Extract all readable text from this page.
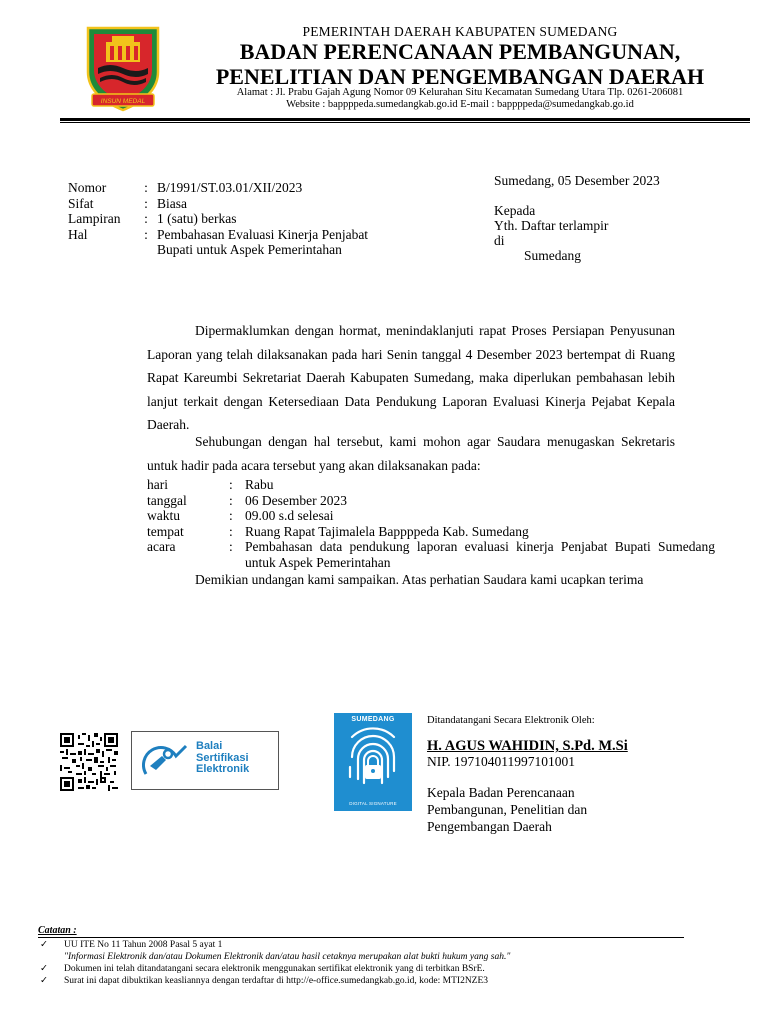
INSUN MEDAL
PEMERINTAH DAERAH KABUPATEN SUMEDANG
BADAN PERENCANAAN PEMBANGUNAN,
PENELITIAN DAN PENGEMBANGAN DAERAH
Alamat : Jl. Prabu Gajah Agung Nomor 09 Kelurahan Situ Kecamatan Sumedang Utara Tlp. 0261-206081
Website : bappppeda.sumedangkab.go.id E-mail : bappppeda@sumedangkab.go.id
Nomor	: B/1991/ST.03.01/XII/2023
Sifat	: Biasa
Lampiran	: 1 (satu) berkas
Hal	: Pembahasan Evaluasi Kinerja Penjabat Bupati untuk Aspek Pemerintahan
Sumedang, 05 Desember 2023
Kepada
Yth. Daftar terlampir
di
Sumedang
Dipermaklumkan dengan hormat, menindaklanjuti rapat Proses Persiapan Penyusunan Laporan yang telah dilaksanakan pada hari Senin tanggal 4 Desember 2023 bertempat di Ruang Rapat Kareumbi Sekretariat Daerah Kabupaten Sumedang, maka diperlukan pembahasan lebih lanjut terkait dengan Ketersediaan Data Pendukung Laporan Evaluasi Kinerja Pejabat Kepala Daerah.
Sehubungan dengan hal tersebut, kami mohon agar Saudara menugaskan Sekretaris untuk hadir pada acara tersebut yang akan dilaksanakan pada:
hari	: Rabu
tanggal	: 06 Desember 2023
waktu	: 09.00 s.d selesai
tempat	: Ruang Rapat Tajimalela Bappppeda Kab. Sumedang
acara	: Pembahasan data pendukung laporan evaluasi kinerja Penjabat Bupati Sumedang untuk Aspek Pemerintahan
Demikian undangan kami sampaikan. Atas perhatian Saudara kami ucapkan terima
Balai
Sertifikasi
Elektronik
SUMEDANG
DIGITAL SIGNATURE
Ditandatangani Secara Elektronik Oleh:
H. AGUS WAHIDIN, S.Pd. M.Si
NIP. 197104011997101001
Kepala Badan Perencanaan
Pembangunan, Penelitian dan
Pengembangan Daerah
Catatan :
✓	UU ITE No 11 Tahun 2008 Pasal 5 ayat 1
"Informasi Elektronik dan/atau Dokumen Elektronik dan/atau hasil cetaknya merupakan alat bukti hukum yang sah."
✓	Dokumen ini telah ditandatangani secara elektronik menggunakan sertifikat elektronik yang di terbitkan BSrE.
✓	Surat ini dapat dibuktikan keasliannya dengan terdaftar di http://e-office.sumedangkab.go.id, kode: MTI2NZE3
